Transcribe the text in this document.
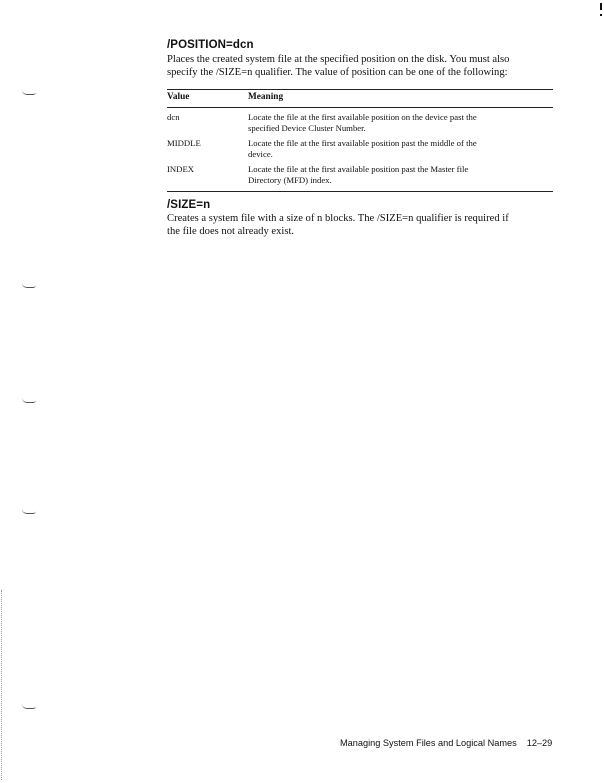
/POSITION=dcn
Places the created system file at the specified position on the disk. You must also
specify the /SIZE=n qualifier. The value of position can be one of the following:
Value	Meaning
dcn	Locate the file at the first available position on the device past the
specified Device Cluster Number.
MIDDLE	Locate the file at the first available position past the middle of the
device.
INDEX	Locate the file at the first available position past the Master file
Directory (MFD) index.
/SIZE=n
Creates a system file with a size of n blocks. The /SIZE=n qualifier is required if
the file does not already exist.
Managing System Files and Logical Names 12–29
